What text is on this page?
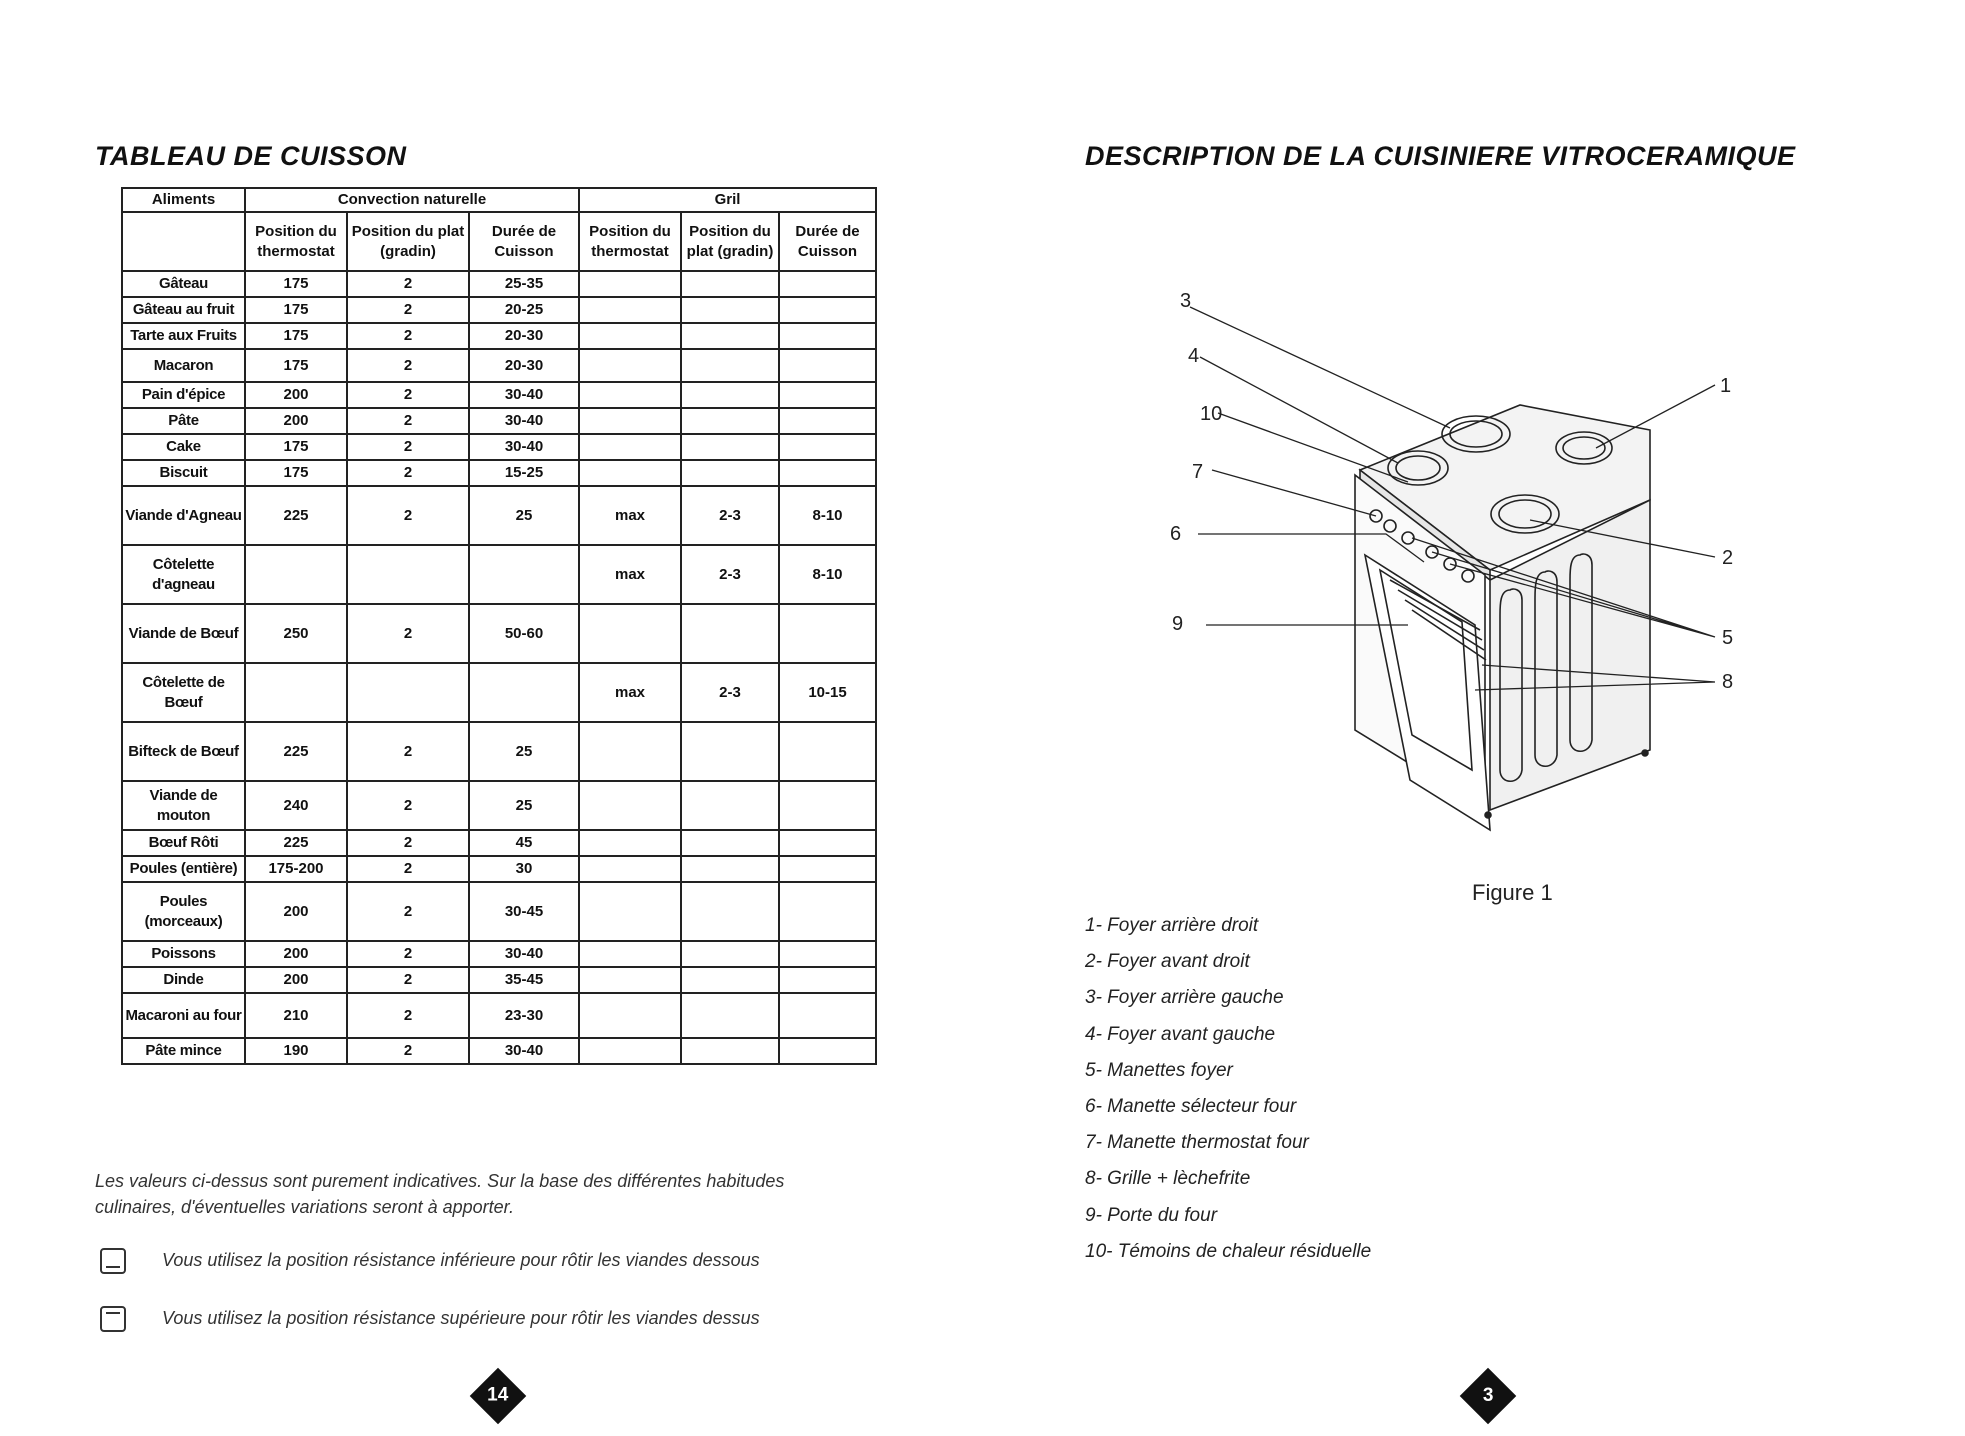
TABLEAU DE CUISSON
Aliments	Convection naturelle			Gril		
	Position du thermostat	Position du plat (gradin)	Durée de Cuisson	Position du thermostat	Position du plat (gradin)	Durée de Cuisson
Gâteau	175	2	25-35			
Gâteau au fruit	175	2	20-25			
Tarte aux Fruits	175	2	20-30			
Macaron	175	2	20-30			
Pain d'épice	200	2	30-40			
Pâte	200	2	30-40			
Cake	175	2	30-40			
Biscuit	175	2	15-25			
Viande d'Agneau	225	2	25	max	2-3	8-10
Côtelette d'agneau				max	2-3	8-10
Viande de Bœuf	250	2	50-60			
Côtelette de Bœuf				max	2-3	10-15
Bifteck de Bœuf	225	2	25			
Viande de mouton	240	2	25			
Bœuf Rôti	225	2	45			
Poules (entière)	175-200	2	30			
Poules (morceaux)	200	2	30-45			
Poissons	200	2	30-40			
Dinde	200	2	35-45			
Macaroni au four	210	2	23-30			
Pâte mince	190	2	30-40			
Les valeurs ci-dessus sont purement indicatives. Sur la base des différentes habitudes culinaires, d'éventuelles variations seront à apporter.
Vous utilisez la position résistance inférieure pour rôtir les viandes dessous
Vous utilisez la position résistance supérieure pour rôtir les viandes dessus
14
DESCRIPTION DE LA CUISINIERE VITROCERAMIQUE
3
4
10
7
6
9
1
2
5
8
Figure 1
1- Foyer arrière droit
2- Foyer avant droit
3- Foyer arrière gauche
4- Foyer avant gauche
5- Manettes foyer
6- Manette sélecteur four
7- Manette thermostat four
8- Grille + lèchefrite
9- Porte du four
10- Témoins de chaleur résiduelle
3
